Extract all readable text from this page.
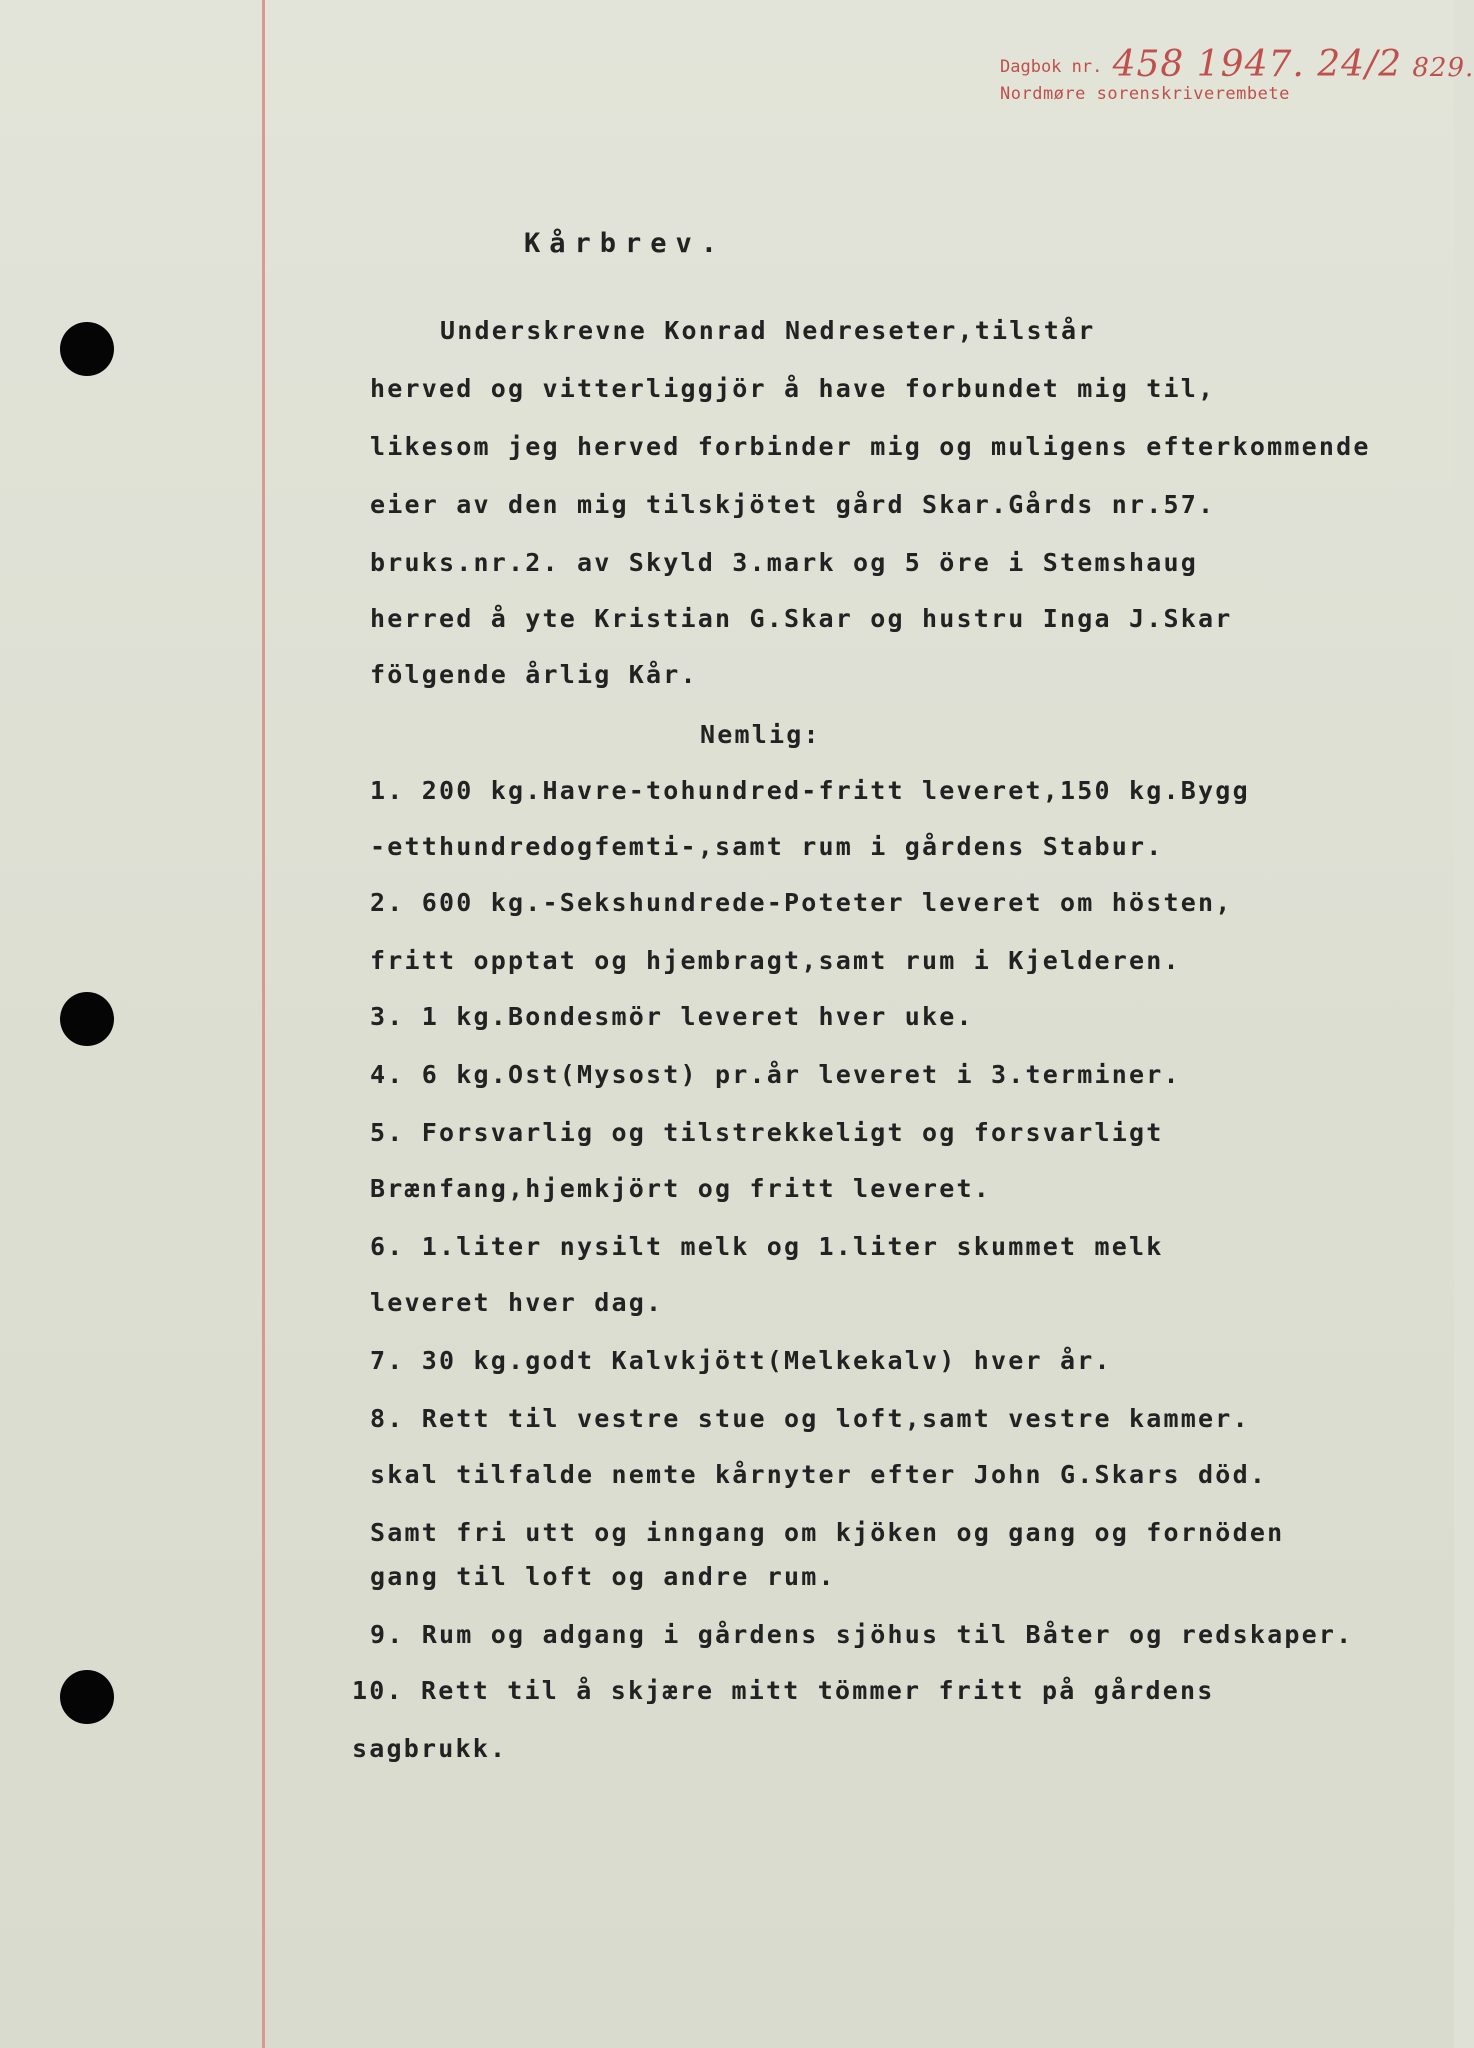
Dagbok nr. 458 1947. 24/2 829.
Nordmøre sorenskriverembete
Kårbrev.
Underskrevne Konrad Nedreseter,tilstår
herved og vitterliggjör å have forbundet mig til,
likesom jeg herved forbinder mig og muligens efterkommende
eier av den mig tilskjötet gård Skar.Gårds nr.57.
bruks.nr.2. av Skyld 3.mark og 5 öre i Stemshaug
herred å yte Kristian G.Skar og hustru Inga J.Skar
fölgende årlig Kår.
Nemlig:
1. 200 kg.Havre-tohundred-fritt leveret,150 kg.Bygg
-etthundredogfemti-,samt rum i gårdens Stabur.
2. 600 kg.-Sekshundrede-Poteter leveret om hösten,
fritt opptat og hjembragt,samt rum i Kjelderen.
3. 1 kg.Bondesmör leveret hver uke.
4. 6 kg.Ost(Mysost) pr.år leveret i 3.terminer.
5. Forsvarlig og tilstrekkeligt og forsvarligt
Brænfang,hjemkjört og fritt leveret.
6. 1.liter nysilt melk og 1.liter skummet melk
leveret hver dag.
7. 30 kg.godt Kalvkjött(Melkekalv) hver år.
8. Rett til vestre stue og loft,samt vestre kammer.
skal tilfalde nemte kårnyter efter John G.Skars död.
Samt fri utt og inngang om kjöken og gang og fornöden
gang til loft og andre rum.
9. Rum og adgang i gårdens sjöhus til Båter og redskaper.
10. Rett til å skjære mitt tömmer fritt på gårdens
sagbrukk.
